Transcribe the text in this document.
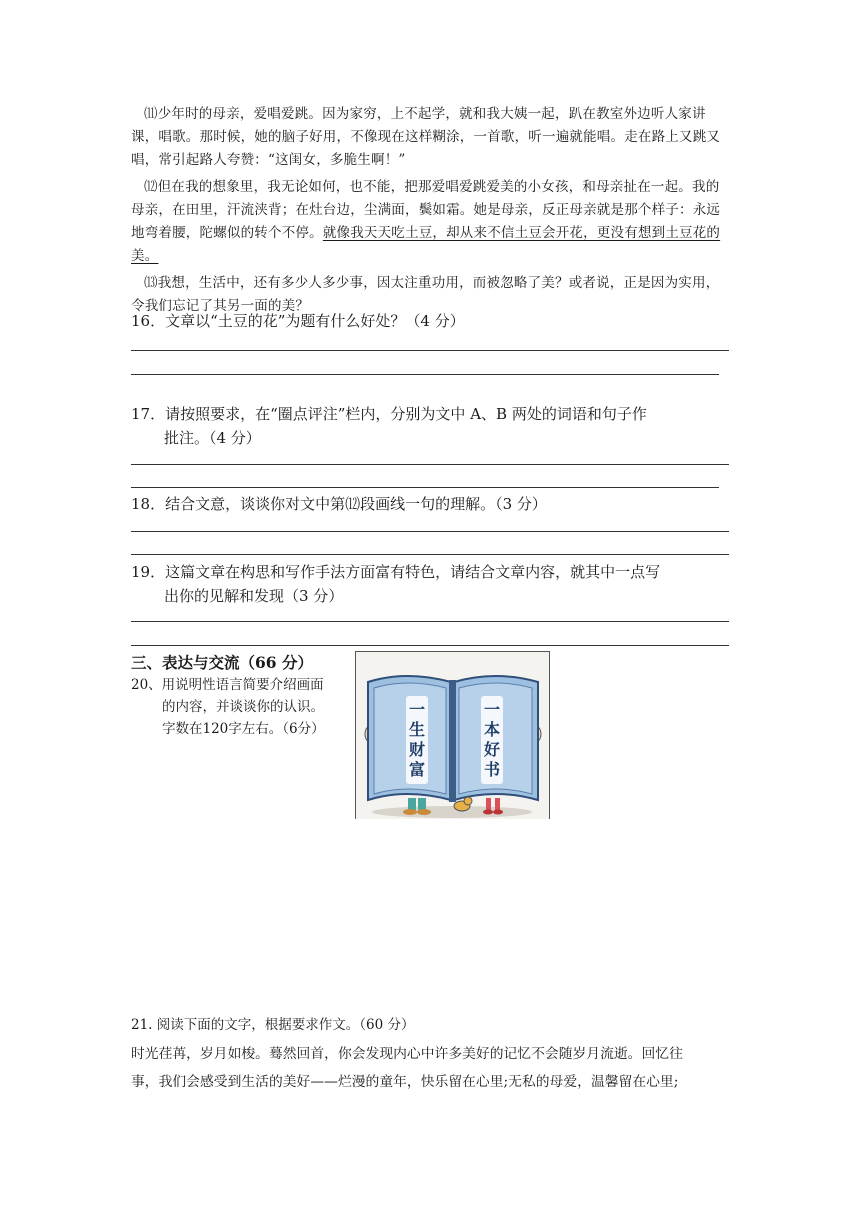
⑾少年时的母亲，爱唱爱跳。因为家穷，上不起学，就和我大姨一起，趴在教室外边听人家讲课，唱歌。那时候，她的脑子好用，不像现在这样糊涂，一首歌，听一遍就能唱。走在路上又跳又唱，常引起路人夸赞：“这闺女，多脆生啊！”
⑿但在我的想象里，我无论如何，也不能，把那爱唱爱跳爱美的小女孩，和母亲扯在一起。我的母亲，在田里，汗流浃背；在灶台边，尘满面，鬓如霜。她是母亲，反正母亲就是那个样子：永远地弯着腰，陀螺似的转个不停。就像我天天吃土豆，却从来不信土豆会开花，更没有想到土豆花的美。
⒀我想，生活中，还有多少人多少事，因太注重功用，而被忽略了美？或者说，正是因为实用，令我们忘记了其另一面的美？
16．文章以“土豆的花”为题有什么好处？（4 分）
17．请按照要求，在“圈点评注”栏内，分别为文中 A、B 两处的词语和句子作
批注。（4 分）
18．结合文意，谈谈你对文中第⑿段画线一句的理解。（3 分）
19．这篇文章在构思和写作手法方面富有特色，请结合文章内容，就其中一点写
出你的见解和发现（3 分）
三、表达与交流（66 分）
20、用说明性语言简要介绍画面
的内容，并谈谈你的认识。
字数在120字左右。（6分）
一生财富
一本好书
21. 阅读下面的文字，根据要求作文。（60 分）
时光荏苒，岁月如梭。蓦然回首，你会发现内心中许多美好的记忆不会随岁月流逝。回忆往
事，我们会感受到生活的美好——烂漫的童年，快乐留在心里;无私的母爱，温馨留在心里;
